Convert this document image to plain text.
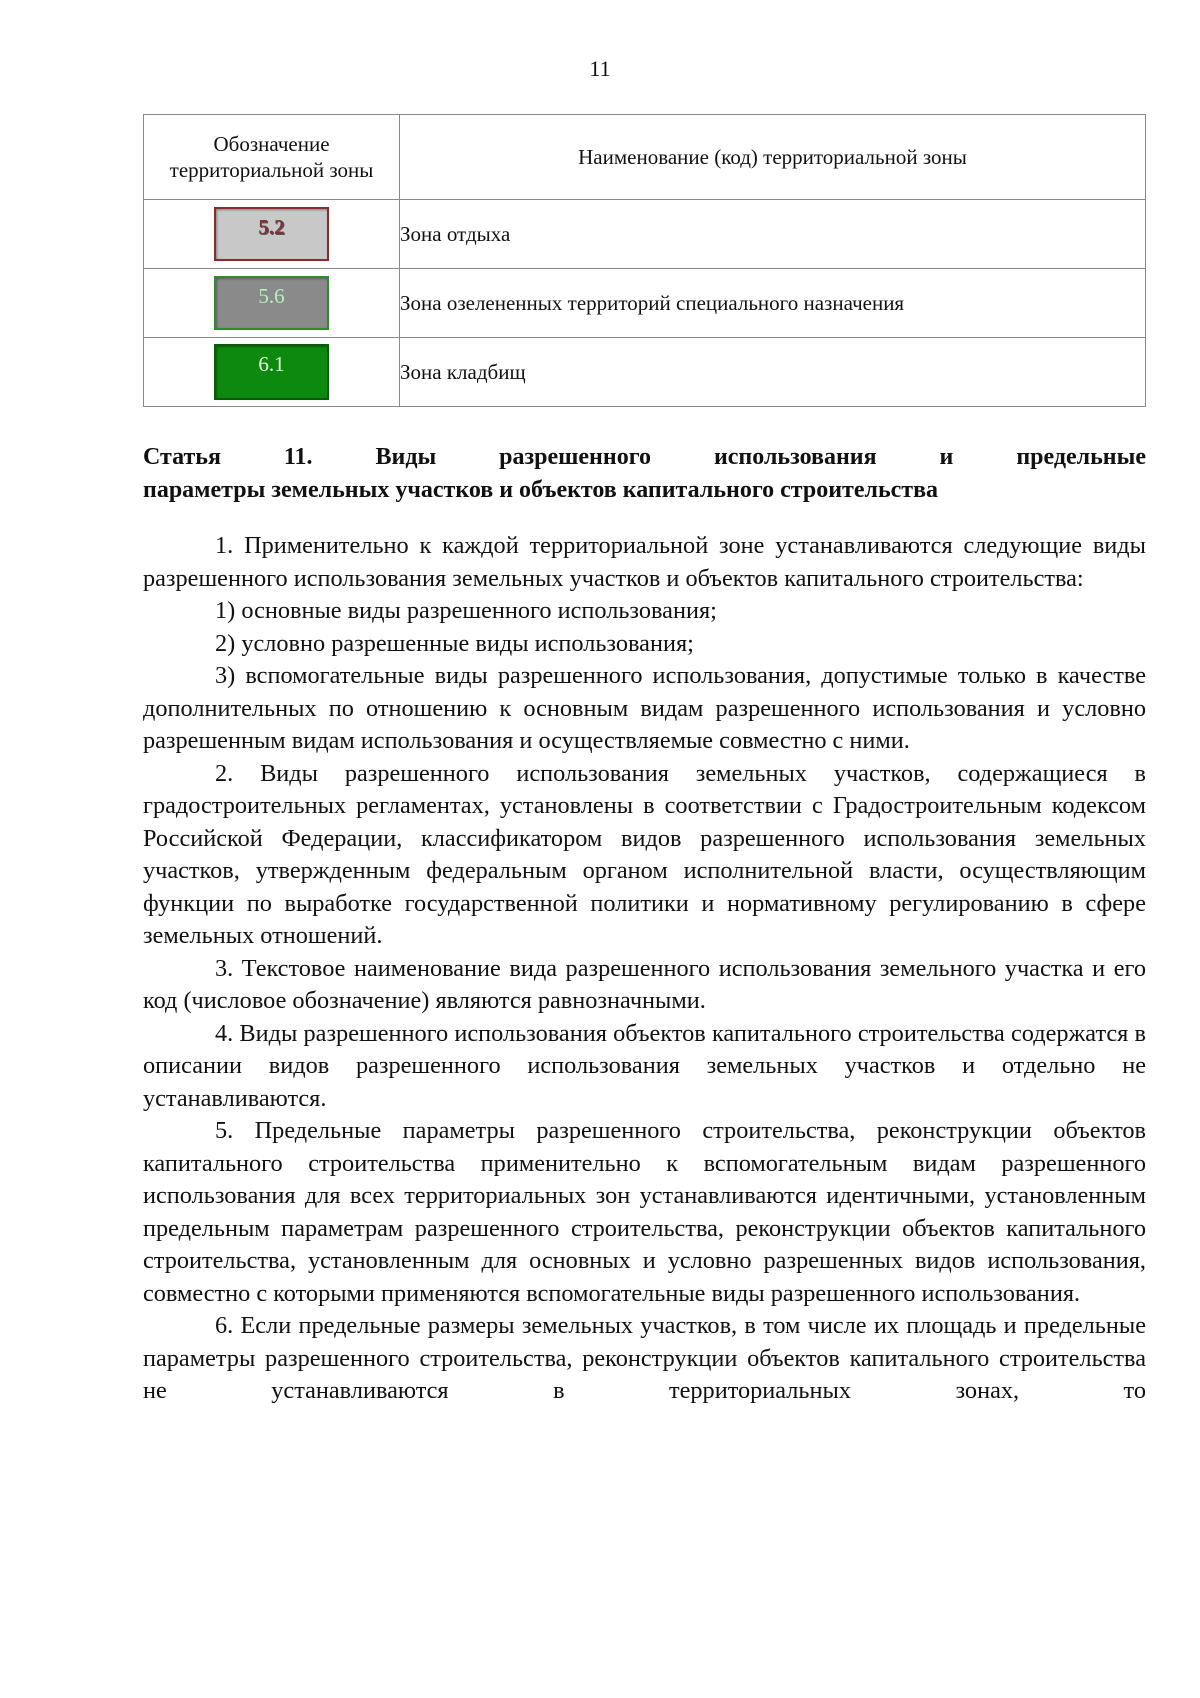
11
Обозначение территориальной зоны	Наименование (код) территориальной зоны
5.2	Зона отдыха
5.6	Зона озелененных территорий специального назначения
6.1	Зона кладбищ
Статья 11. Виды разрешенного использования и предельные
параметры земельных участков и объектов капитального строительства

1. Применительно к каждой территориальной зоне устанавливаются следующие виды разрешенного использования земельных участков и объектов капитального строительства:

1) основные виды разрешенного использования;

2) условно разрешенные виды использования;

3) вспомогательные виды разрешенного использования, допустимые только в качестве дополнительных по отношению к основным видам разрешенного использования и условно разрешенным видам использования и осуществляемые совместно с ними.

2. Виды разрешенного использования земельных участков, содержащиеся в градостроительных регламентах, установлены в соответствии с Градостроительным кодексом Российской Федерации, классификатором видов разрешенного использования земельных участков, утвержденным федеральным органом исполнительной власти, осуществляющим функции по выработке государственной политики и нормативному регулированию в сфере земельных отношений.

3. Текстовое наименование вида разрешенного использования земельного участка и его код (числовое обозначение) являются равнозначными.

4. Виды разрешенного использования объектов капитального строительства содержатся в описании видов разрешенного использования земельных участков и отдельно не устанавливаются.

5. Предельные параметры разрешенного строительства, реконструкции объектов капитального строительства применительно к вспомогательным видам разрешенного использования для всех территориальных зон устанавливаются идентичными, установленным предельным параметрам разрешенного строительства, реконструкции объектов капитального строительства, установленным для основных и условно разрешенных видов использования, совместно с которыми применяются вспомогательные виды разрешенного использования.

6. Если предельные размеры земельных участков, в том числе их площадь и предельные параметры разрешенного строительства, реконструкции объектов капитального строительства не устанавливаются в территориальных зонах, то
